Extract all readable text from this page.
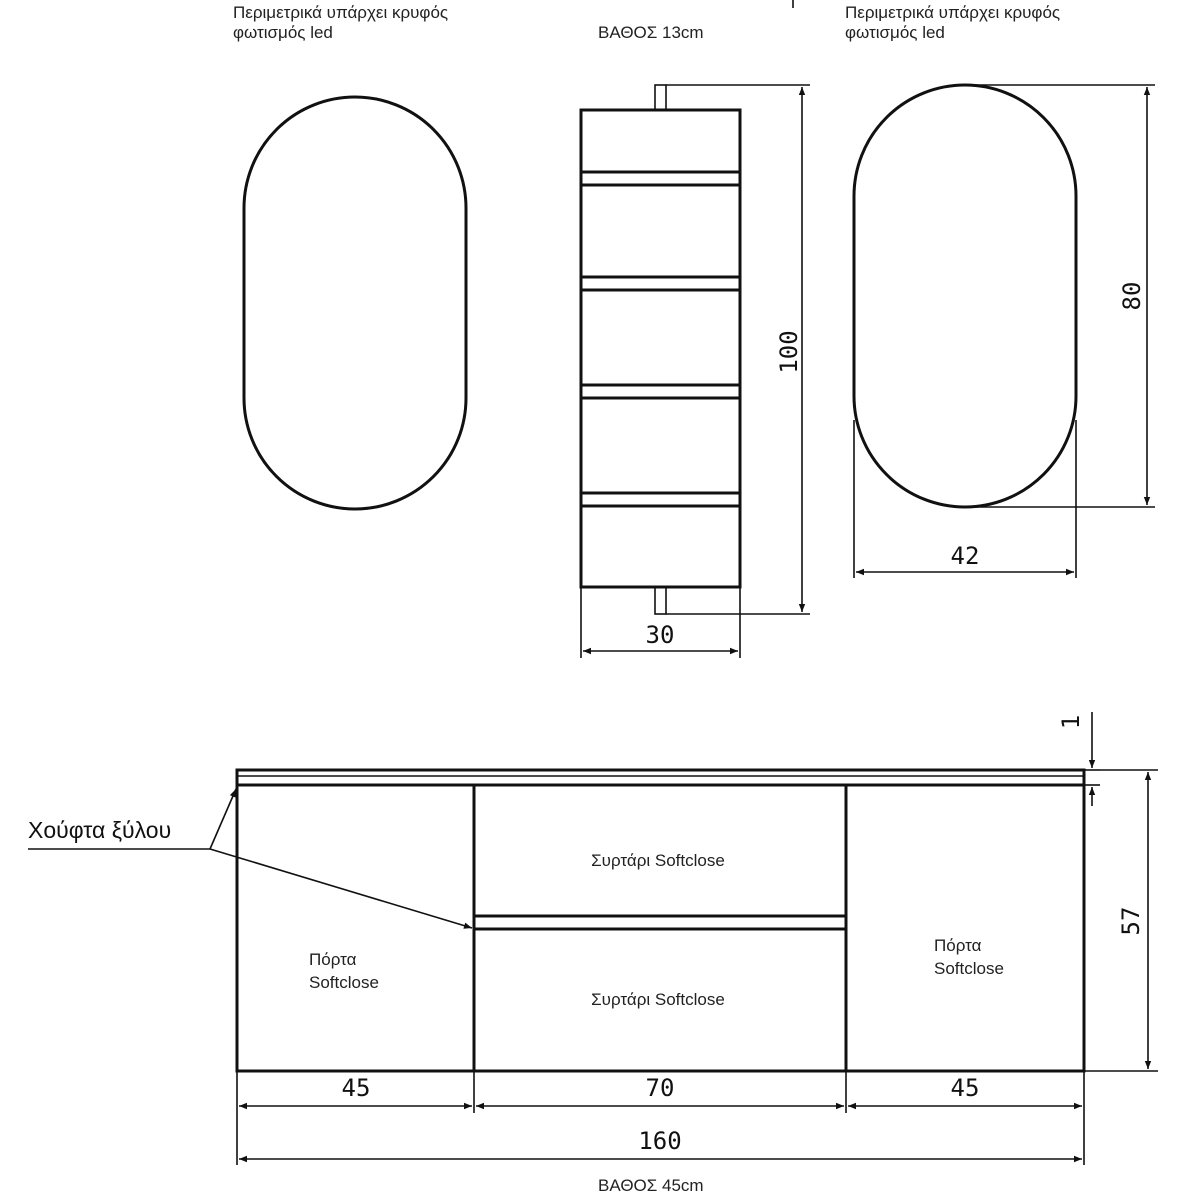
Περιμετρικά υπάρχει κρυφός
φωτισμός led	ΒΑΘΟΣ 13cm
Περιμετρικά υπάρχει κρυφός
φωτισμός led
100
30
80
42
Συρτάρι Softclose
Συρτάρι Softclose
Πόρτα
Softclose
Πόρτα
Softclose
Χούφτα ξύλου
1
57
45	70	45
160
ΒΑΘΟΣ 45cm
